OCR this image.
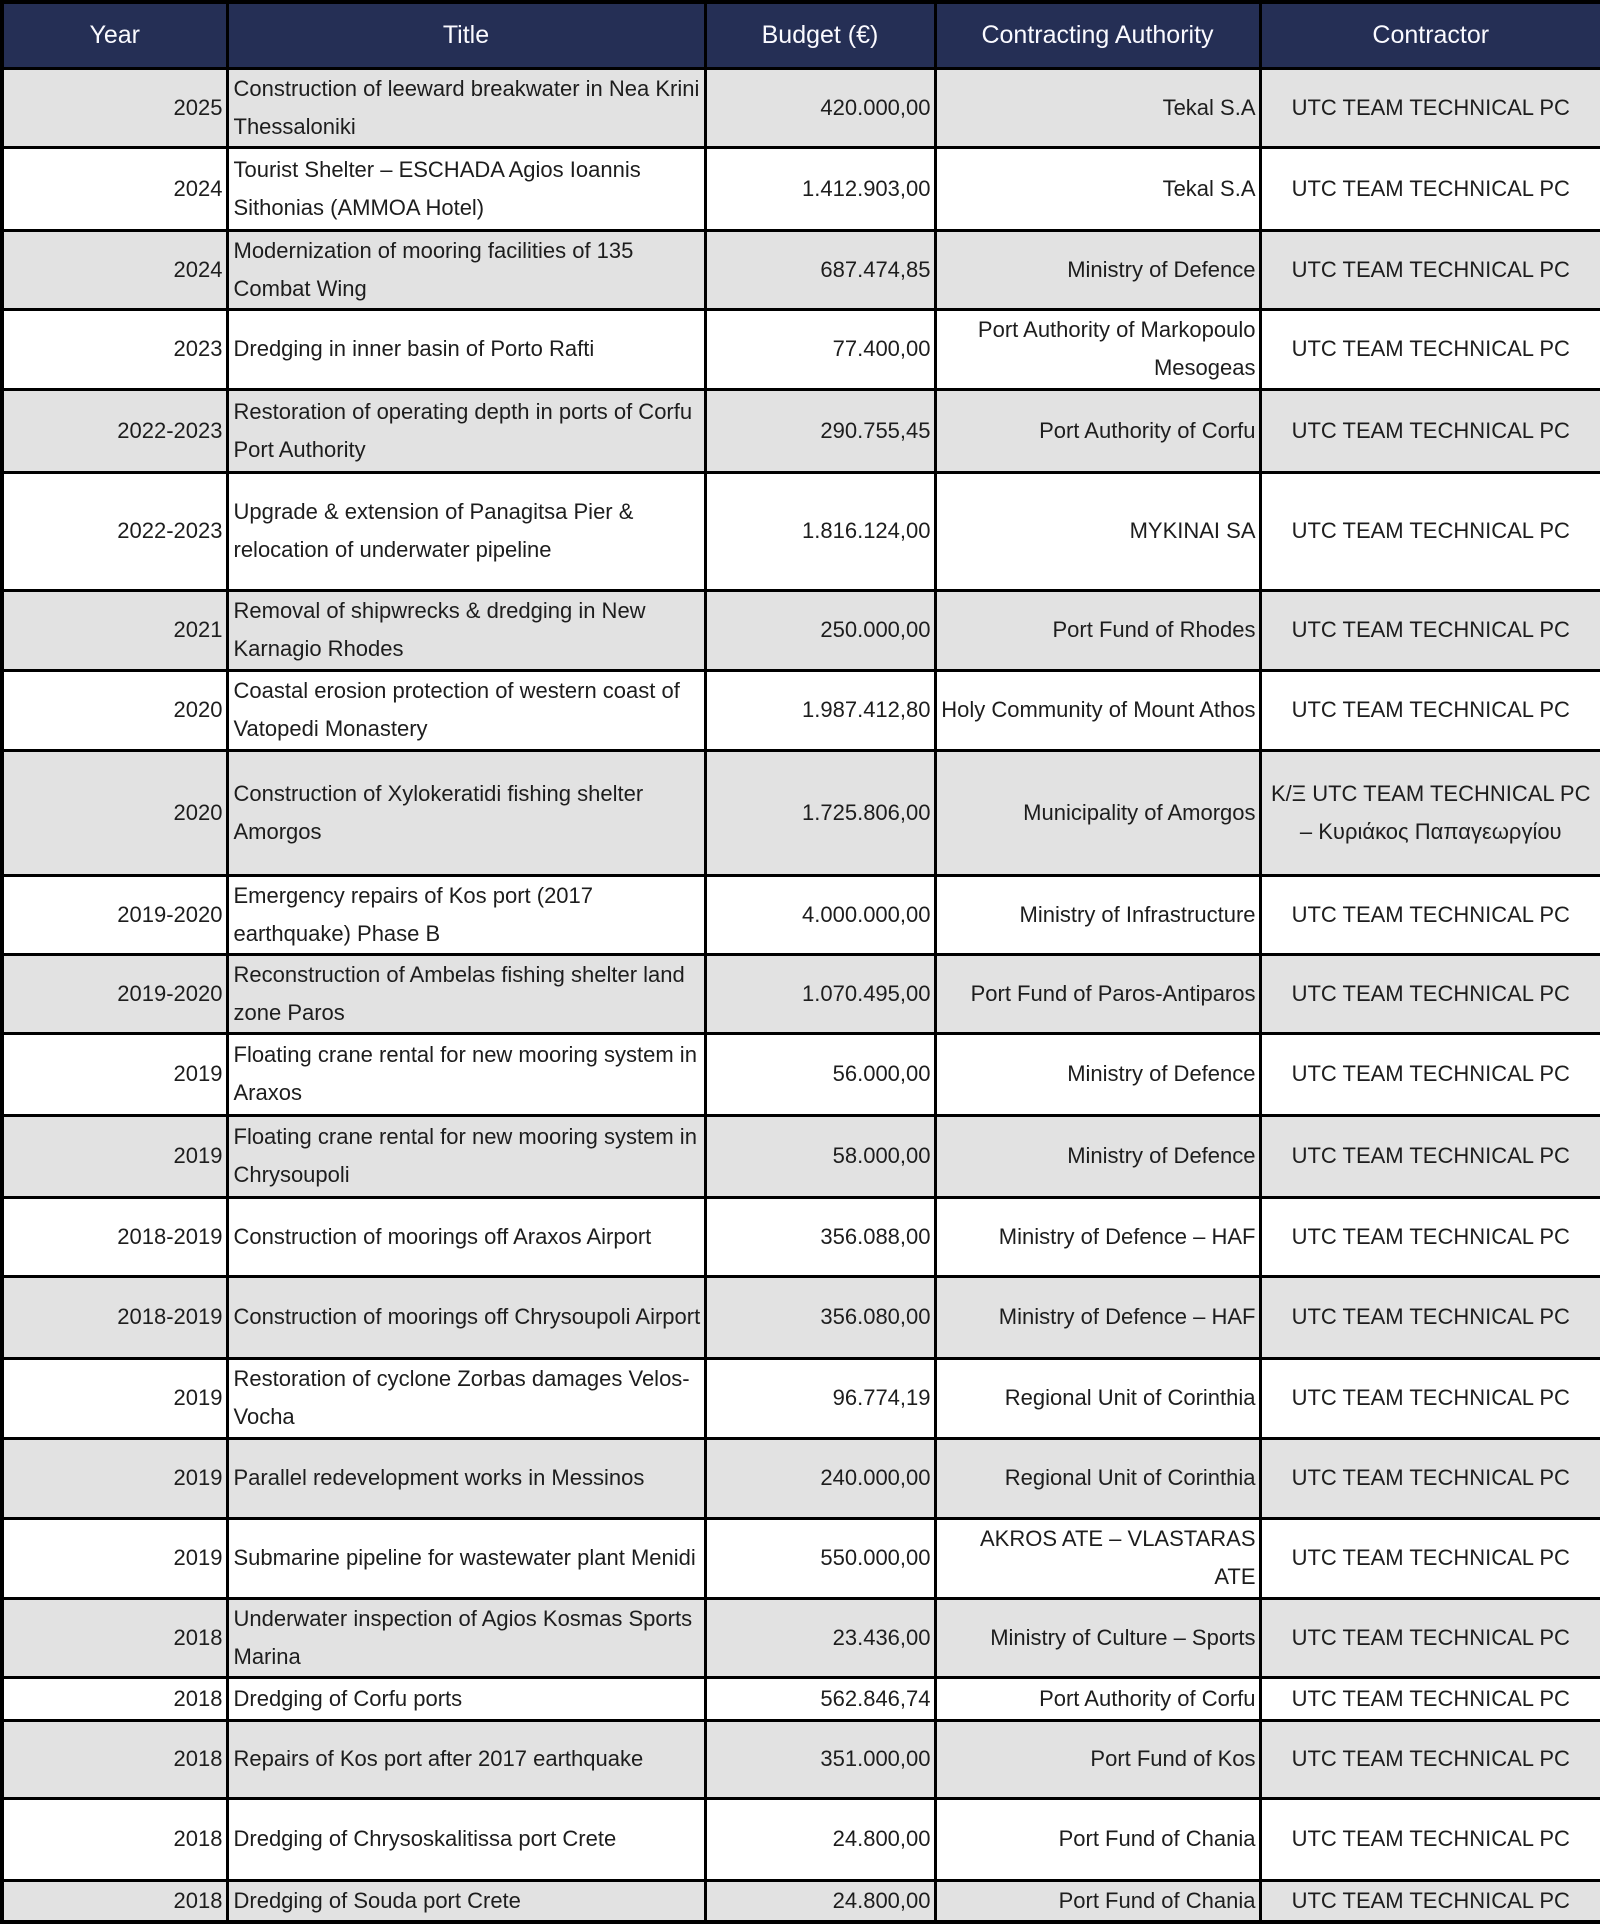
Year	Title	Budget (€)	Contracting Authority	Contractor
2025	Construction of leeward breakwater in Nea Krini Thessaloniki	420.000,00	Tekal S.A	UTC TEAM TECHNICAL PC
2024	Tourist Shelter – ESCHADA Agios Ioannis Sithonias (AMMOA Hotel)	1.412.903,00	Tekal S.A	UTC TEAM TECHNICAL PC
2024	Modernization of mooring facilities of 135 Combat Wing	687.474,85	Ministry of Defence	UTC TEAM TECHNICAL PC
2023	Dredging in inner basin of Porto Rafti	77.400,00	Port Authority of Markopoulo Mesogeas	UTC TEAM TECHNICAL PC
2022-2023	Restoration of operating depth in ports of Corfu Port Authority	290.755,45	Port Authority of Corfu	UTC TEAM TECHNICAL PC
2022-2023	Upgrade & extension of Panagitsa Pier & relocation of underwater pipeline	1.816.124,00	MYKINAI SA	UTC TEAM TECHNICAL PC
2021	Removal of shipwrecks & dredging in New Karnagio Rhodes	250.000,00	Port Fund of Rhodes	UTC TEAM TECHNICAL PC
2020	Coastal erosion protection of western coast of Vatopedi Monastery	1.987.412,80	Holy Community of Mount Athos	UTC TEAM TECHNICAL PC
2020	Construction of Xylokeratidi fishing shelter Amorgos	1.725.806,00	Municipality of Amorgos	Κ/Ξ UTC TEAM TECHNICAL PC – Κυριάκος Παπαγεωργίου
2019-2020	Emergency repairs of Kos port (2017 earthquake) Phase B	4.000.000,00	Ministry of Infrastructure	UTC TEAM TECHNICAL PC
2019-2020	Reconstruction of Ambelas fishing shelter land zone Paros	1.070.495,00	Port Fund of Paros-Antiparos	UTC TEAM TECHNICAL PC
2019	Floating crane rental for new mooring system in Araxos	56.000,00	Ministry of Defence	UTC TEAM TECHNICAL PC
2019	Floating crane rental for new mooring system in Chrysoupoli	58.000,00	Ministry of Defence	UTC TEAM TECHNICAL PC
2018-2019	Construction of moorings off Araxos Airport	356.088,00	Ministry of Defence – HAF	UTC TEAM TECHNICAL PC
2018-2019	Construction of moorings off Chrysoupoli Airport	356.080,00	Ministry of Defence – HAF	UTC TEAM TECHNICAL PC
2019	Restoration of cyclone Zorbas damages Velos-Vocha	96.774,19	Regional Unit of Corinthia	UTC TEAM TECHNICAL PC
2019	Parallel redevelopment works in Messinos	240.000,00	Regional Unit of Corinthia	UTC TEAM TECHNICAL PC
2019	Submarine pipeline for wastewater plant Menidi	550.000,00	AKROS ATE – VLASTARAS ATE	UTC TEAM TECHNICAL PC
2018	Underwater inspection of Agios Kosmas Sports Marina	23.436,00	Ministry of Culture – Sports	UTC TEAM TECHNICAL PC
2018	Dredging of Corfu ports	562.846,74	Port Authority of Corfu	UTC TEAM TECHNICAL PC
2018	Repairs of Kos port after 2017 earthquake	351.000,00	Port Fund of Kos	UTC TEAM TECHNICAL PC
2018	Dredging of Chrysoskalitissa port Crete	24.800,00	Port Fund of Chania	UTC TEAM TECHNICAL PC
2018	Dredging of Souda port Crete	24.800,00	Port Fund of Chania	UTC TEAM TECHNICAL PC
